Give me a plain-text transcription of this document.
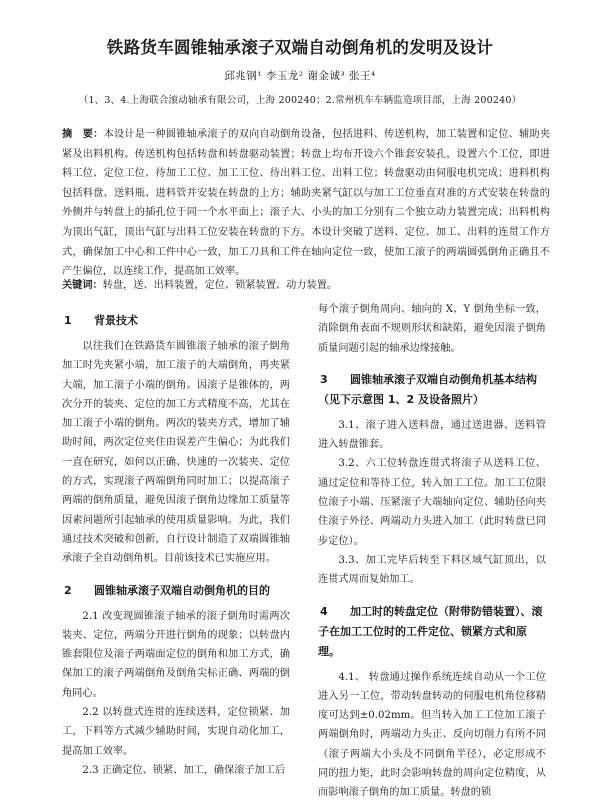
铁路货车圆锥轴承滚子双端自动倒角机的发明及设计
邱兆钢¹ 李玉龙² 谢金诚³ 张王⁴
（1、3、4.上海联合滚动轴承有限公司，上海 200240；2.常州机车车辆监造项目部，上海 200240）
摘　要：本设计是一种圆锥轴承滚子的双向自动倒角设备，包括进料、传送机构，加工装置和定位、辅助夹紧及出料机构。传送机构包括转盘和转盘驱动装置；转盘上均布开设六个锥套安装孔，设置六个工位，即进料工位、定位工位、待加工工位、加工工位、待出料工位、出料工位；转盘驱动由伺服电机完成；进料机构包括料盘、送料瓶、进料管并安装在转盘的上方；辅助夹紧气缸以与加工工位垂直对准的方式安装在转盘的外侧并与转盘上的插孔位于同一个水平面上；滚子大、小头的加工分别有二个独立动力装置完成；出料机构为顶出气缸，顶出气缸与出料工位安装在转盘的下方。本设计突破了送料、定位、加工、出料的连贯工作方式，确保加工中心和工件中心一致，加工刀具和工件在轴向定位一致，使加工滚子的两端圆弧倒角正确且不产生偏位，以连续工作，提高加工效率。
关键词：转盘，送、出料装置，定位、锁紧装置、动力装置。
1 背景技术

以往我们在铁路货车圆锥滚子轴承的滚子倒角加工时先夹紧小端，加工滚子的大端倒角，再夹紧大端，加工滚子小端的倒角。因滚子是锥体的，两次分开的装夹、定位的加工方式精度不高，尤其在加工滚子小端的倒角。两次的装夹方式，增加了辅助时间，两次定位夹住由误差产生偏心；为此我们一直在研究，如何以正确、快速的一次装夹、定位的方式，实现滚子两端倒角同时加工；以提高滚子两端的倒角质量，避免因滚子倒角边缘加工质量等因素问题所引起轴承的使用质量影响。为此，我们通过技术突破和创新，自行设计制造了双端圆锥轴承滚子全自动倒角机。目前该技术已实施应用。

2 圆锥轴承滚子双端自动倒角机的目的

2.1 改变现圆锥滚子轴承的滚子倒角时需两次装夹、定位，两端分开进行倒角的现象；以转盘内锥套限位及滚子两端面定位的倒角和加工方式，确保加工的滚子两端倒角及倒角尖标正确、两端的倒角同心。

2.2 以转盘式连贯的连续送料，定位锁紧、加工，下料等方式减少辅助时间，实现自动化加工，提高加工效率。

2.3 正确定位、锁紧、加工，确保滚子加工后

每个滚子倒角周向、轴向的 X、Y 倒角坐标一致，消除倒角表面不规则形状和缺陷，避免因滚子倒角质量问题引起的轴承边缘接触。

3 圆锥轴承滚子双端自动倒角机基本结构（见下示意图 1、2 及设备照片）

3.1、滚子进入送料盘，通过送进器、送料管进入转盘锥套。

3.2、六工位转盘连贯式将滚子从送料工位、通过定位和等待工位，转入加工工位。加工工位限位滚子小端、压紧滚子大端轴向定位、辅助径向夹住滚子外径、两端动力头进入加工（此时转盘已同步定位）。

3.3、加工完毕后转至下料区域气缸顶出，以连贯式周而复始加工。

4 加工时的转盘定位（附带防错装置）、滚子在加工工位时的工件定位、锁紧方式和原理。

4.1、 转盘通过操作系统连续自动从一个工位进入另一工位，带动转盘转动的伺服电机角位移精度可达到±0.02mm。但当转入加工工位加工滚子两端倒角时，两端动力头正、反向切削力有所不同（滚子两端大小头及不同倒角半径），必定形成不同的扭力矩，此时会影响转盘的周向定位精度，从而影响滚子倒角的加工质量。转盘的锁
